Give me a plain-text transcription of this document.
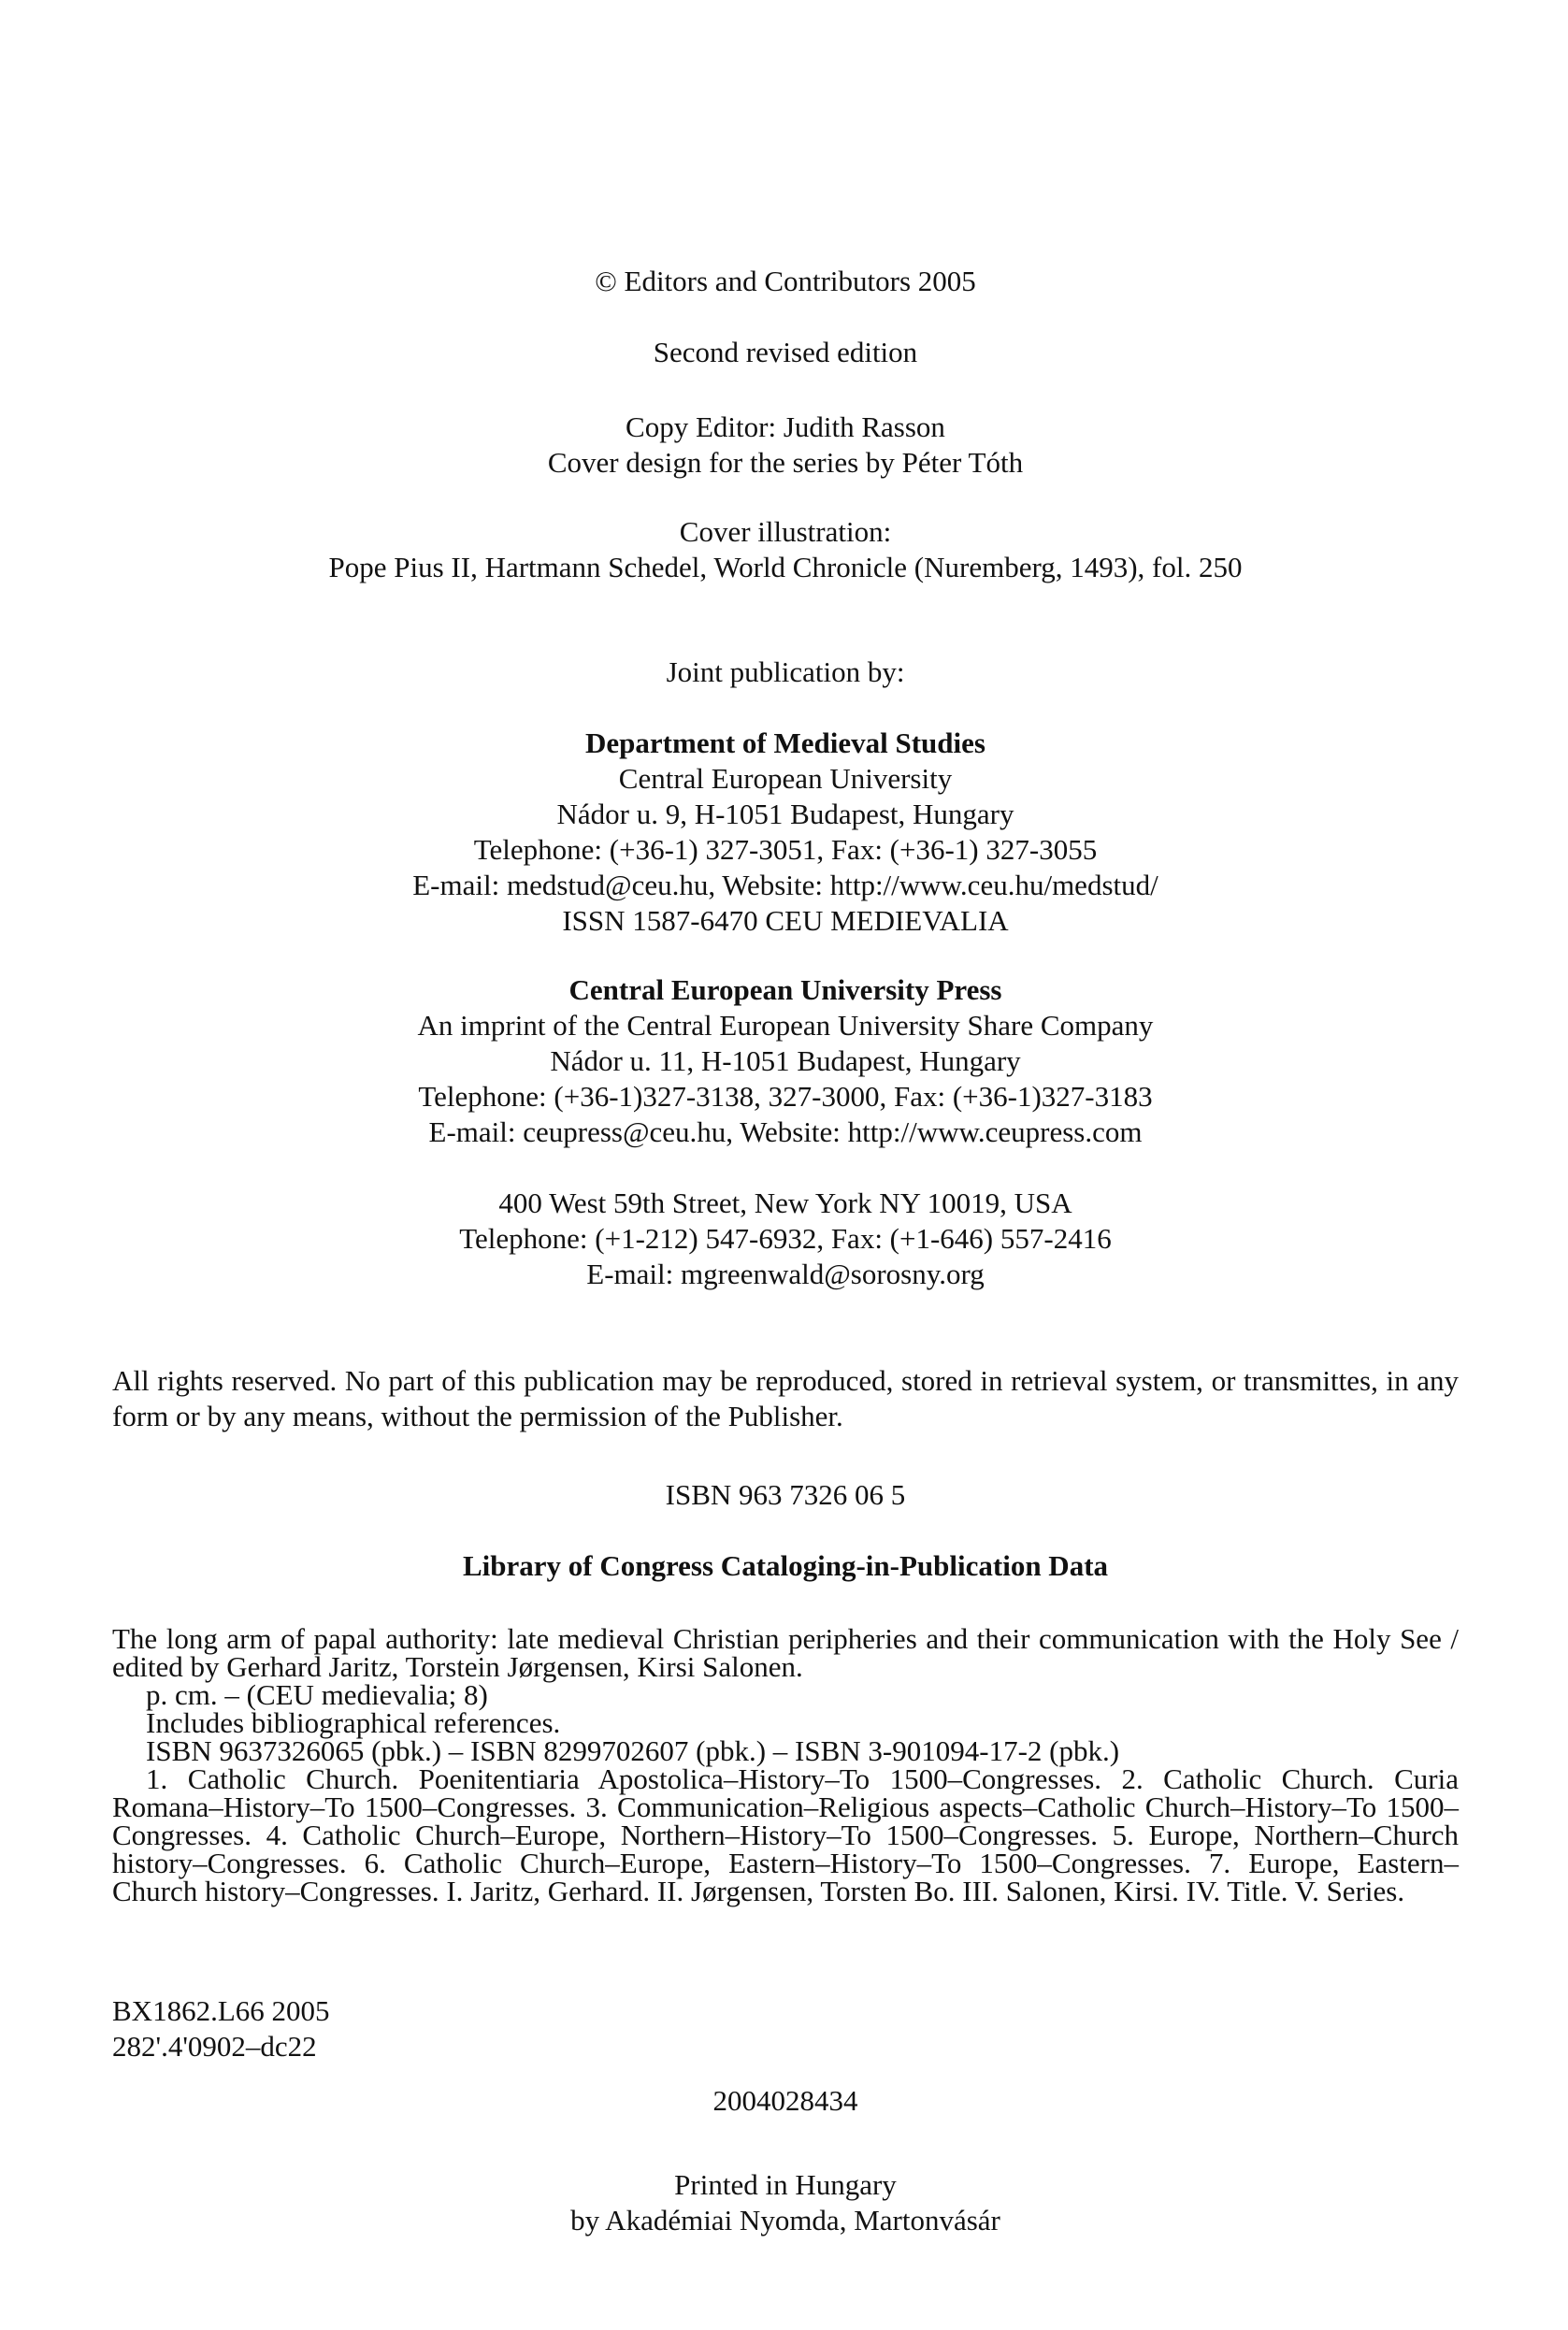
© Editors and Contributors 2005
Second revised edition
Copy Editor: Judith Rasson
Cover design for the series by Péter Tóth
Cover illustration:
Pope Pius II, Hartmann Schedel, World Chronicle (Nuremberg, 1493), fol. 250
Joint publication by:
Department of Medieval Studies
Central European University
Nádor u. 9, H-1051 Budapest, Hungary
Telephone: (+36-1) 327-3051, Fax: (+36-1) 327-3055
E-mail: medstud@ceu.hu, Website: http://www.ceu.hu/medstud/
ISSN 1587-6470 CEU MEDIEVALIA
Central European University Press
An imprint of the Central European University Share Company
Nádor u. 11, H-1051 Budapest, Hungary
Telephone: (+36-1)327-3138, 327-3000, Fax: (+36-1)327-3183
E-mail: ceupress@ceu.hu, Website: http://www.ceupress.com
400 West 59th Street, New York NY 10019, USA
Telephone: (+1-212) 547-6932, Fax: (+1-646) 557-2416
E-mail: mgreenwald@sorosny.org
All rights reserved. No part of this publication may be reproduced, stored in retrieval system, or transmittes, in any form or by any means, without the permission of the Publisher.
ISBN 963 7326 06 5
Library of Congress Cataloging-in-Publication Data
The long arm of papal authority: late medieval Christian peripheries and their communication with the Holy See / edited by Gerhard Jaritz, Torstein Jørgensen, Kirsi Salonen.
p. cm. – (CEU medievalia; 8)
Includes bibliographical references.
ISBN 9637326065 (pbk.) – ISBN 8299702607 (pbk.) – ISBN 3-901094-17-2 (pbk.)
1. Catholic Church. Poenitentiaria Apostolica–History–To 1500–Congresses. 2. Catholic Church. Curia Romana–History–To 1500–Congresses. 3. Communication–Religious aspects–Catholic Church–History–To 1500–Congresses. 4. Catholic Church–Europe, Northern–History–To 1500–Congresses. 5. Europe, Northern–Church history–Congresses. 6. Catholic Church–Europe, Eastern–History–To 1500–Congresses. 7. Europe, Eastern–Church history–Congresses. I. Jaritz, Gerhard. II. Jørgensen, Torsten Bo. III. Salonen, Kirsi. IV. Title. V. Series.
BX1862.L66 2005
282'.4'0902–dc22
2004028434
Printed in Hungary
by Akadémiai Nyomda, Martonvásár
